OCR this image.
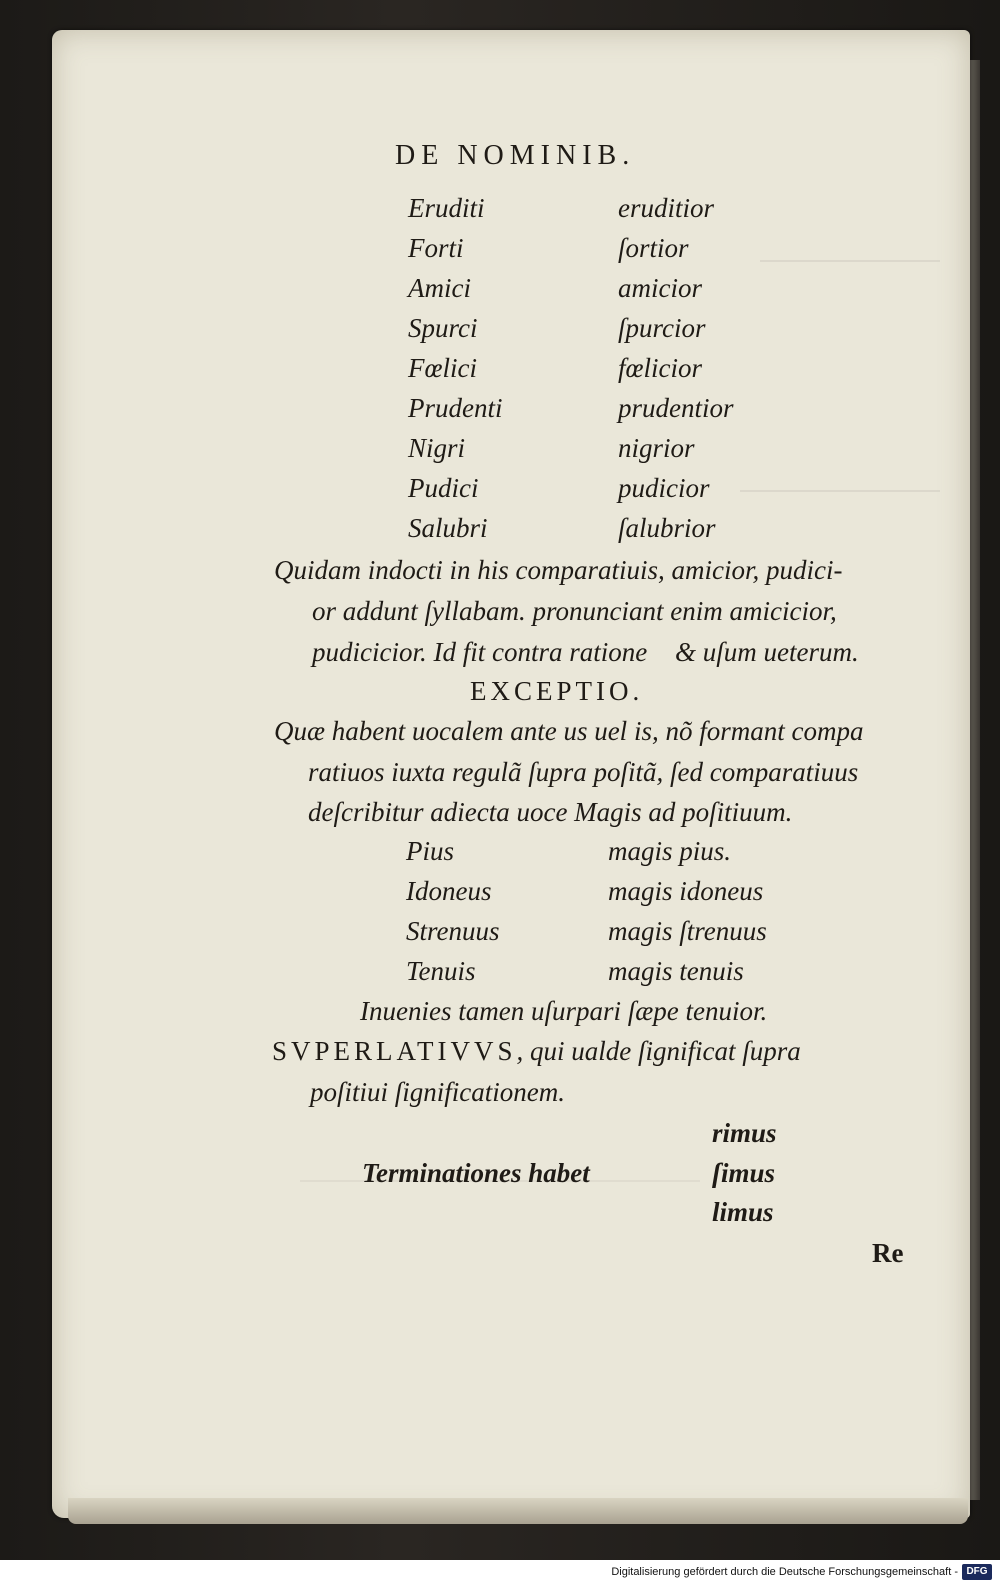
DE NOMINIB.
Eruditi	eruditior
Forti	ſortior
Amici	amicior
Spurci	ſpurcior
Fœlici	fœlicior
Prudenti	prudentior
Nigri	nigrior
Pudici	pudicior
Salubri	ſalubrior
Quidam indocti in his comparatiuis, amicior, pudici-
or addunt ſyllabam. pronunciant enim amicicior,
pudicicior. Id fit contra ratione᷑ & uſum ueterum.
EXCEPTIO.
Quæ habent uocalem ante us uel is, nõ formant compa
ratiuos iuxta regulã ſupra poſitã, ſed comparatiuus
deſcribitur adiecta uoce Magis ad poſitiuum.
Pius	magis pius.
Idoneus	magis idoneus
Strenuus	magis ſtrenuus
Tenuis	magis tenuis
Inuenies tamen uſurpari ſæpe tenuior.
SVPERLATIVVS, qui ualde ſignificat ſupra
poſitiui ſignificationem.
Terminationes habet
rimus
ſimus
limus
Re
Digitalisierung gefördert durch die Deutsche Forschungsgemeinschaft - DFG
